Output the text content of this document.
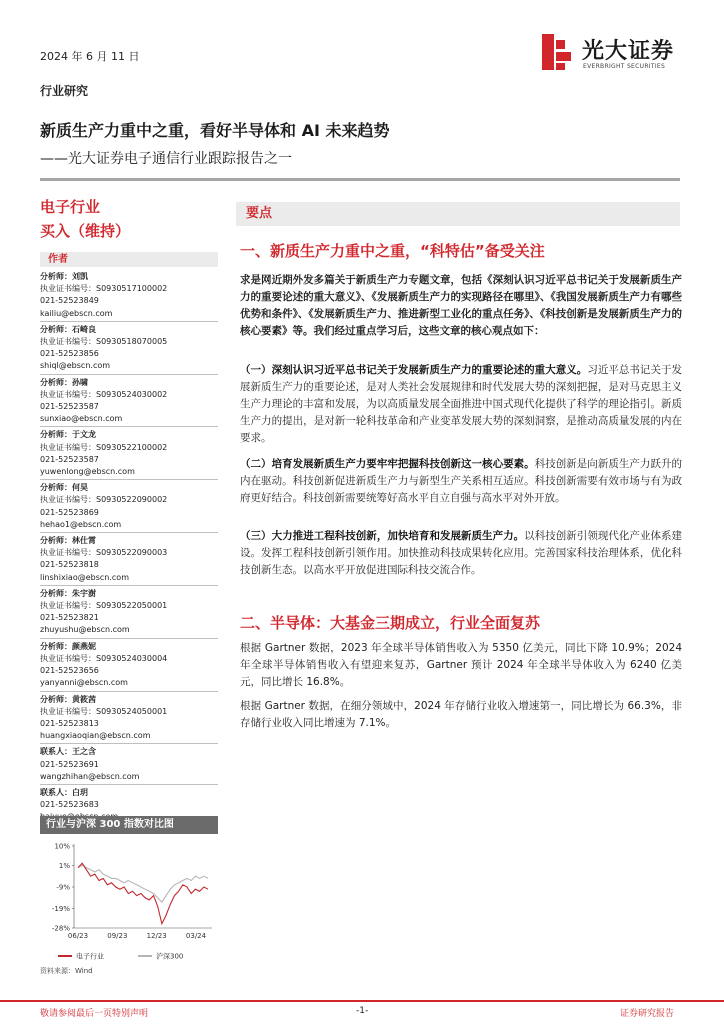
2024 年 6 月 11 日	光大证券
EVERBRIGHT SECURITIES
行业研究
新质生产力重中之重，看好半导体和 AI 未来趋势
——光大证券电子通信行业跟踪报告之一
电子行业
买入（维持）
作者
分析师：刘凯
执业证书编号：S0930517100002
021-52523849
kailiu@ebscn.com
分析师：石崎良
执业证书编号：S0930518070005
021-52523856
shiql@ebscn.com
分析师：孙啸
执业证书编号：S0930524030002
021-52523587
sunxiao@ebscn.com
分析师：于文龙
执业证书编号：S0930522100002
021-52523587
yuwenlong@ebscn.com
分析师：何昊
执业证书编号：S0930522090002
021-52523869
hehao1@ebscn.com
分析师：林仕霄
执业证书编号：S0930522090003
021-52523818
linshixiao@ebscn.com
分析师：朱宇澍
执业证书编号：S0930522050001
021-52523821
zhuyushu@ebscn.com
分析师：颜燕妮
执业证书编号：S0930524030004
021-52523656
yanyanni@ebscn.com
分析师：黄筱茜
执业证书编号：S0930524050001
021-52523813
huangxiaoqian@ebscn.com
联系人：王之含
021-52523691
wangzhihan@ebscn.com
联系人：白玥
021-52523683
行业与沪深 300 指数对比图
10%
1%
-9%
-19%
-28%
06/23	09/23	12/23	03/24
电子行业	沪深300
资料来源：Wind
要点
一、新质生产力重中之重，“科特估”备受关注
求是网近期外发多篇关于新质生产力专题文章，包括《深刻认识习近平总书记关于发展新质生产力的重要论述的重大意义》、《发展新质生产力的实现路径在哪里》、《我国发展新质生产力有哪些优势和条件》、《发展新质生产力、推进新型工业化的重点任务》、《科技创新是发展新质生产力的核心要素》等。我们经过重点学习后，这些文章的核心观点如下：
（一）深刻认识习近平总书记关于发展新质生产力的重要论述的重大意义。习近平总书记关于发展新质生产力的重要论述，是对人类社会发展规律和时代发展大势的深刻把握，是对马克思主义生产力理论的丰富和发展，为以高质量发展全面推进中国式现代化提供了科学的理论指引。新质生产力的提出，是对新一轮科技革命和产业变革发展大势的深刻洞察，是推动高质量发展的内在要求。
（二）培育发展新质生产力要牢牢把握科技创新这一核心要素。科技创新是向新质生产力跃升的内在驱动。科技创新促进新质生产力与新型生产关系相互适应。科技创新需要有效市场与有为政府更好结合。科技创新需要统筹好高水平自立自强与高水平对外开放。
（三）大力推进工程科技创新，加快培育和发展新质生产力。以科技创新引领现代化产业体系建设。发挥工程科技创新引领作用。加快推动科技成果转化应用。完善国家科技治理体系，优化科技创新生态。以高水平开放促进国际科技交流合作。
二、半导体：大基金三期成立，行业全面复苏
根据 Gartner 数据，2023 年全球半导体销售收入为 5350 亿美元，同比下降 10.9%；2024 年全球半导体销售收入有望迎来复苏，Gartner 预计 2024 年全球半导体收入为 6240 亿美元，同比增长 16.8%。
根据 Gartner 数据，在细分领域中，2024 年存储行业收入增速第一，同比增长为 66.3%，非存储行业收入同比增速为 7.1%。
敬请参阅最后一页特别声明	-1-	证券研究报告
